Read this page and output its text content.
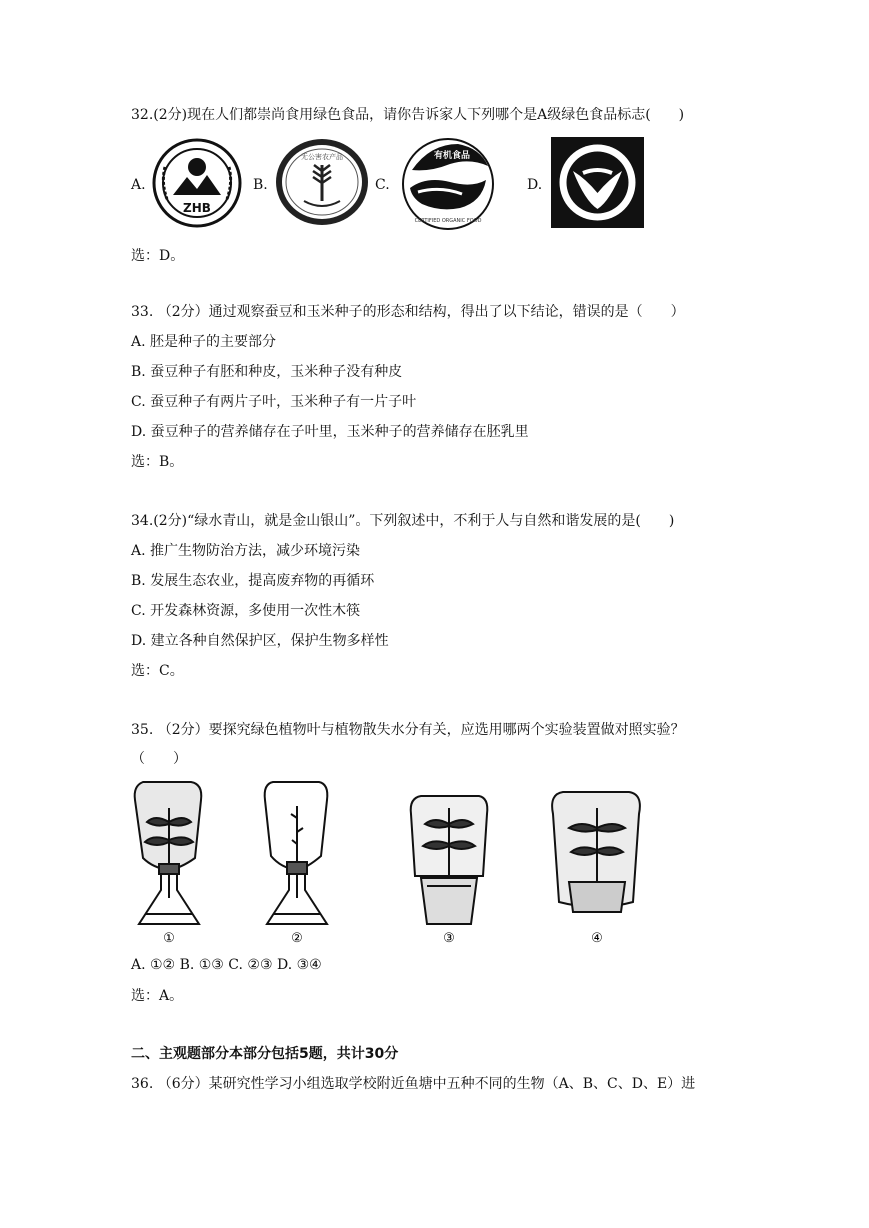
32.(2分)现在人们都崇尚食用绿色食品，请你告诉家人下列哪个是A级绿色食品标志(　　)
A.
ZHB
B.
无公害农产品
C.
有机食品
CERTIFIED ORGANIC FOOD
D.
选：D。
33. （2分）通过观察蚕豆和玉米种子的形态和结构，得出了以下结论，错误的是（　　）
A. 胚是种子的主要部分
B. 蚕豆种子有胚和种皮，玉米种子没有种皮
C. 蚕豆种子有两片子叶，玉米种子有一片子叶
D. 蚕豆种子的营养储存在子叶里，玉米种子的营养储存在胚乳里
选：B。
34.(2分)“绿水青山，就是金山银山”。下列叙述中，不利于人与自然和谐发展的是(　　)
A. 推广生物防治方法，减少环境污染
B. 发展生态农业，提高废弃物的再循环
C. 开发森林资源，多使用一次性木筷
D. 建立各种自然保护区，保护生物多样性
选：C。
35. （2分）要探究绿色植物叶与植物散失水分有关，应选用哪两个实验装置做对照实验？
（　　）
①	②	③	④
A. ①② B. ①③ C. ②③ D. ③④
选：A。
二、主观题部分本部分包括5题，共计30分
36. （6分）某研究性学习小组选取学校附近鱼塘中五种不同的生物（A、B、C、D、E）进
